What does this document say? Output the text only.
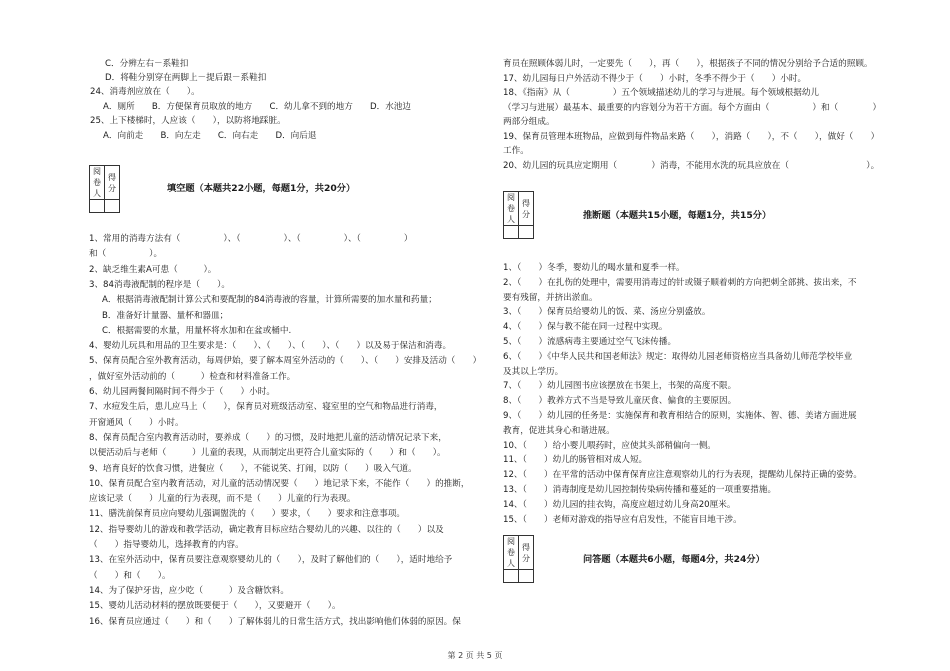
C．分辨左右－系鞋扣
D．将鞋分别穿在两脚上－提后跟－系鞋扣
24、消毒剂应放在（　　）。
A．厕所　　B．方便保育员取放的地方　　C．幼儿拿不到的地方　　D．水池边
25、上下楼梯时，人应该（　　），以防将地踩脏。
A．向前走　　B．向左走　　C．向右走　　D．向后退
阅卷人	得分
		填空题（本题共22小题，每题1分，共20分）
1、常用的消毒方法有（　　　　　）、（　　　　　）、（　　　　　）、（　　　　　）
和（　　　　　）。
2、缺乏维生素A可患（　　　）。
3、84消毒液配制的程序是（　　）。
A．根据消毒液配制计算公式和要配制的84消毒液的容量，计算所需要的加水量和药量；
B．准备好计量器、量杯和器皿；
C．根据需要的水量，用量杯将水加和在盆或桶中.
4、婴幼儿玩具和用品的卫生要求是：（　　）、（　　）、（　　）、（　　）以及易于保洁和消毒。
5、保育员配合室外教育活动，每周伊始，要了解本周室外活动的（　　）、（　　）安排及活动（　　）
，做好室外活动前的（　　　）检查和材料准备工作。
6、幼儿园两餐间隔时间不得少于（　　）小时。
7、水痘发生后，患儿应马上（　　），保育员对班级活动室、寝室里的空气和物品进行消毒，
开窗通风（　　）小时。
8、保育员配合室内教育活动时，要养成（　　）的习惯，及时地把儿童的活动情况记录下来，
以便活动后与老师（　　　）儿童的表现，从而制定出更符合儿童实际的（　　）和（　　）。
9、培育良好的饮食习惯，进餐应（　　），不能说笑、打闹，以防（　　）吸入气道。
10、保育员配合室内教育活动，对儿童的活动情况要（　　）地记录下来，不能作（　　）的推断，
应该记录（　　）儿童的行为表现，而不是（　　）儿童的行为表现。
11、膳洗前保育员应向婴幼儿强调盥洗的（　　）要求，（　　）要求和注意事项。
12、指导婴幼儿的游戏和教学活动，确定教育目标应结合婴幼儿的兴趣、以往的（　　）以及
（　　）指导婴幼儿，选择教育的内容。
13、在室外活动中，保育员要注意观察婴幼儿的（　　），及时了解他们的（　　），适时地给予
（　　）和（　　）。
14、为了保护牙齿，应少吃（　　　）及含糖饮料。
15、婴幼儿活动材料的摆放既要便于（　　），又要避开（　　）。
16、保育员应通过（　　）和（　　）了解体弱儿的日常生活方式，找出影响他们体弱的原因。保
育员在照顾体弱儿时，一定要先（　　），再（　　），根据孩子不同的情况分别给予合适的照顾。
17、幼儿园每日户外活动不得少于（　　）小时，冬季不得少于（　　）小时。
18、《指南》从（　　　　　）五个领域描述幼儿的学习与进展。每个领域根据幼儿
（学习与进展）最基本、最重要的内容划分为若干方面。每个方面由（　　　　　）和（　　　　）
两部分组成。
19、保育员管理本班物品，应做到每件物品来路（　　），消路（　　），不（　　），做好（　　）
工作。
20、幼儿园的玩具应定期用（　　　　）消毒，不能用水洗的玩具应放在（　　　　　　　　　）。
阅卷人	得分
		推断题（本题共15小题，每题1分，共15分）
1、（　　）冬季，婴幼儿的喝水量和夏季一样。
2、（　　）在扎伤的处理中，需要用消毒过的针或镊子顺着刺的方向把刺全部挑、拔出来，不
要有残留，并挤出淤血。
3、（　　）保育员给婴幼儿的饭、菜、汤应分别盛放。
4、（　　）保与教不能在同一过程中实现。
5、（　　）流感病毒主要通过空气飞沫传播。
6、（　　）《中华人民共和国老师法》规定：取得幼儿园老师资格应当具备幼儿师范学校毕业
及其以上学历。
7、（　　）幼儿园图书应该摆放在书架上，书架的高度不限。
8、（　　）教养方式不当是导致儿童厌食、偏食的主要原因。
9、（　　）幼儿园的任务是：实施保育和教育相结合的原则，实施体、智、德、美诸方面进展
教育，促进其身心和谐进展。
10、（　　）给小婴儿喂药时，应使其头部稍偏向一侧。
11、（　　）幼儿的肠管相对成人短。
12、（　　）在平常的活动中保育保育应注意观察幼儿的行为表现，提醒幼儿保持正确的姿势。
13、（　　）消毒制度是幼儿园控制传染病传播和蔓延的一项重要措施。
14、（　　）幼儿园的挂衣钩，高度应超过幼儿身高20厘米。
15、（　　）老师对游戏的指导应有启发性，不能盲目地干涉。
阅卷人	得分
		问答题（本题共6小题，每题4分，共24分）
第 2 页 共 5 页
